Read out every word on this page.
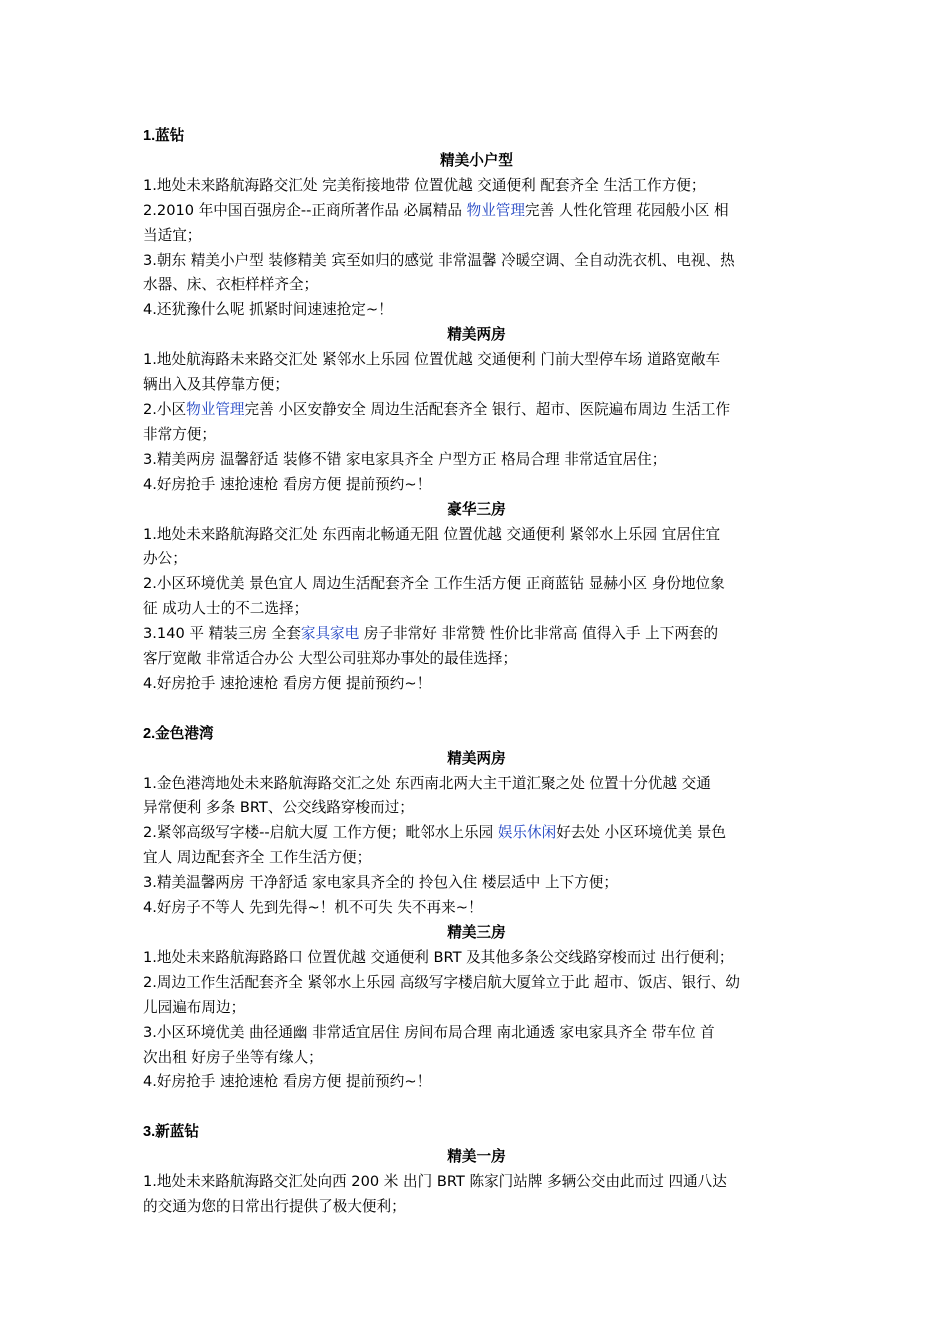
1.蓝钻
精美小户型
1.地处未来路航海路交汇处 完美衔接地带 位置优越 交通便利 配套齐全 生活工作方便；
2.2010 年中国百强房企--正商所著作品 必属精品 物业管理完善 人性化管理 花园般小区 相
当适宜；
3.朝东 精美小户型 装修精美 宾至如归的感觉 非常温馨 冷暖空调、全自动洗衣机、电视、热
水器、床、衣柜样样齐全；
4.还犹豫什么呢 抓紧时间速速抢定~！
精美两房
1.地处航海路未来路交汇处 紧邻水上乐园 位置优越 交通便利 门前大型停车场 道路宽敞车
辆出入及其停靠方便；
2.小区物业管理完善 小区安静安全 周边生活配套齐全 银行、超市、医院遍布周边 生活工作
非常方便；
3.精美两房 温馨舒适 装修不错 家电家具齐全 户型方正 格局合理 非常适宜居住；
4.好房抢手 速抢速枪 看房方便 提前预约~！
豪华三房
1.地处未来路航海路交汇处 东西南北畅通无阻 位置优越 交通便利 紧邻水上乐园 宜居住宜
办公；
2.小区环境优美 景色宜人 周边生活配套齐全 工作生活方便 正商蓝钻 显赫小区 身份地位象
征 成功人士的不二选择；
3.140 平 精装三房 全套家具家电 房子非常好 非常赞 性价比非常高 值得入手 上下两套的
客厅宽敞 非常适合办公 大型公司驻郑办事处的最佳选择；
4.好房抢手 速抢速枪 看房方便 提前预约~！
2.金色港湾
精美两房
1.金色港湾地处未来路航海路交汇之处 东西南北两大主干道汇聚之处 位置十分优越 交通
异常便利 多条 BRT、公交线路穿梭而过；
2.紧邻高级写字楼--启航大厦 工作方便；毗邻水上乐园 娱乐休闲好去处 小区环境优美 景色
宜人 周边配套齐全 工作生活方便；
3.精美温馨两房 干净舒适 家电家具齐全的 拎包入住 楼层适中 上下方便；
4.好房子不等人 先到先得~！机不可失 失不再来~！
精美三房
1.地处未来路航海路路口 位置优越 交通便利 BRT 及其他多条公交线路穿梭而过 出行便利；
2.周边工作生活配套齐全 紧邻水上乐园 高级写字楼启航大厦耸立于此 超市、饭店、银行、幼
儿园遍布周边；
3.小区环境优美 曲径通幽 非常适宜居住 房间布局合理 南北通透 家电家具齐全 带车位 首
次出租 好房子坐等有缘人；
4.好房抢手 速抢速枪 看房方便 提前预约~！
3.新蓝钻
精美一房
1.地处未来路航海路交汇处向西 200 米 出门 BRT 陈家门站牌 多辆公交由此而过 四通八达
的交通为您的日常出行提供了极大便利；
